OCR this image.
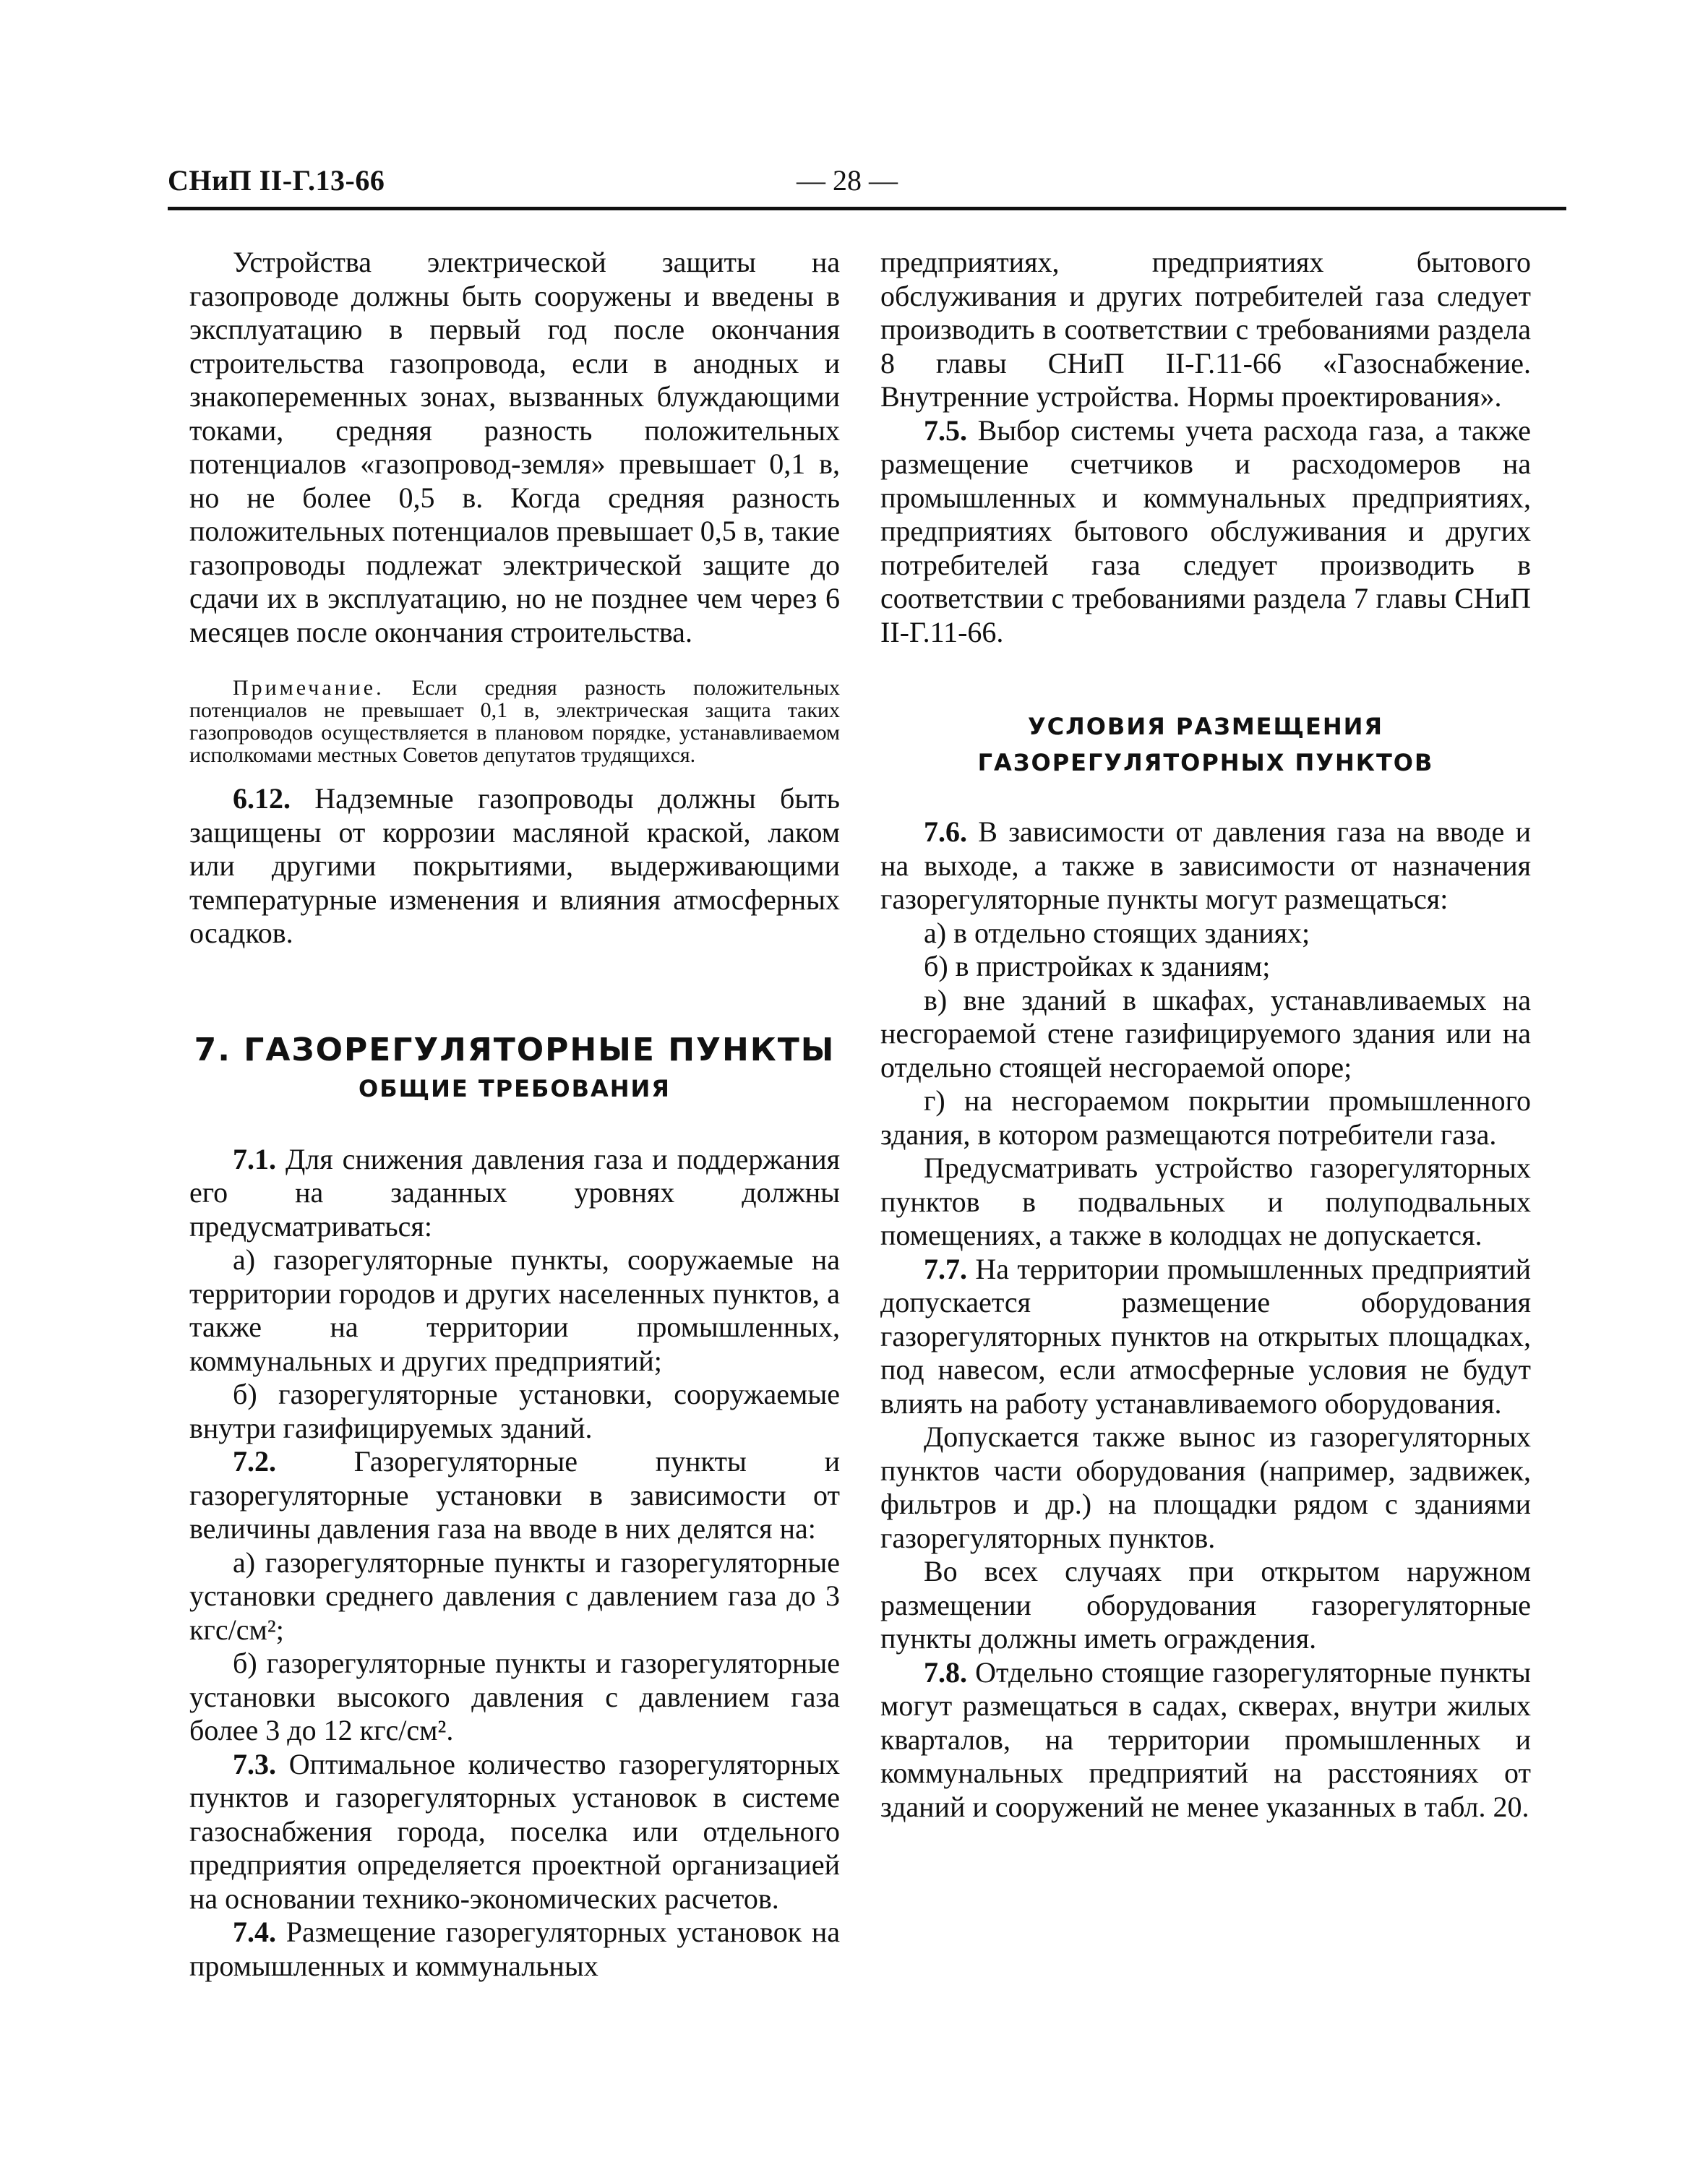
СНиП II-Г.13-66	— 28 —

Устройства электрической защиты на газопроводе должны быть сооружены и введены в эксплуатацию в первый год после окончания строительства газопровода, если в анодных и знакопеременных зонах, вызванных блуждающими токами, средняя разность положительных потенциалов «газопровод-земля» превышает 0,1 в, но не более 0,5 в. Когда средняя разность положительных потенциалов превышает 0,5 в, такие газопроводы подлежат электрической защите до сдачи их в эксплуатацию, но не позднее чем через 6 месяцев после окончания строительства.

Примечание. Если средняя разность положительных потенциалов не превышает 0,1 в, электрическая защита таких газопроводов осуществляется в плановом порядке, устанавливаемом исполкомами местных Советов депутатов трудящихся.

6.12. Надземные газопроводы должны быть защищены от коррозии масляной краской, лаком или другими покрытиями, выдерживающими температурные изменения и влияния атмосферных осадков.

7. ГАЗОРЕГУЛЯТОРНЫЕ ПУНКТЫ
ОБЩИЕ ТРЕБОВАНИЯ

7.1. Для снижения давления газа и поддержания его на заданных уровнях должны предусматриваться:

а) газорегуляторные пункты, сооружаемые на территории городов и других населенных пунктов, а также на территории промышленных, коммунальных и других предприятий;

б) газорегуляторные установки, сооружаемые внутри газифицируемых зданий.

7.2. Газорегуляторные пункты и газорегуляторные установки в зависимости от величины давления газа на вводе в них делятся на:

а) газорегуляторные пункты и газорегуляторные установки среднего давления с давлением газа до 3 кгс/см²;

б) газорегуляторные пункты и газорегуляторные установки высокого давления с давлением газа более 3 до 12 кгс/см².

7.3. Оптимальное количество газорегуляторных пунктов и газорегуляторных установок в системе газоснабжения города, поселка или отдельного предприятия определяется проектной организацией на основании технико-экономических расчетов.

7.4. Размещение газорегуляторных установок на промышленных и коммунальных

предприятиях, предприятиях бытового обслуживания и других потребителей газа следует производить в соответствии с требованиями раздела 8 главы СНиП II-Г.11-66 «Газоснабжение. Внутренние устройства. Нормы проектирования».

7.5. Выбор системы учета расхода газа, а также размещение счетчиков и расходомеров на промышленных и коммунальных предприятиях, предприятиях бытового обслуживания и других потребителей газа следует производить в соответствии с требованиями раздела 7 главы СНиП II-Г.11-66.

УСЛОВИЯ РАЗМЕЩЕНИЯ
ГАЗОРЕГУЛЯТОРНЫХ ПУНКТОВ

7.6. В зависимости от давления газа на вводе и на выходе, а также в зависимости от назначения газорегуляторные пункты могут размещаться:

а) в отдельно стоящих зданиях;

б) в пристройках к зданиям;

в) вне зданий в шкафах, устанавливаемых на несгораемой стене газифицируемого здания или на отдельно стоящей несгораемой опоре;

г) на несгораемом покрытии промышленного здания, в котором размещаются потребители газа.

Предусматривать устройство газорегуляторных пунктов в подвальных и полуподвальных помещениях, а также в колодцах не допускается.

7.7. На территории промышленных предприятий допускается размещение оборудования газорегуляторных пунктов на открытых площадках, под навесом, если атмосферные условия не будут влиять на работу устанавливаемого оборудования.

Допускается также вынос из газорегуляторных пунктов части оборудования (например, задвижек, фильтров и др.) на площадки рядом с зданиями газорегуляторных пунктов.

Во всех случаях при открытом наружном размещении оборудования газорегуляторные пункты должны иметь ограждения.

7.8. Отдельно стоящие газорегуляторные пункты могут размещаться в садах, скверах, внутри жилых кварталов, на территории промышленных и коммунальных предприятий на расстояниях от зданий и сооружений не менее указанных в табл. 20.
